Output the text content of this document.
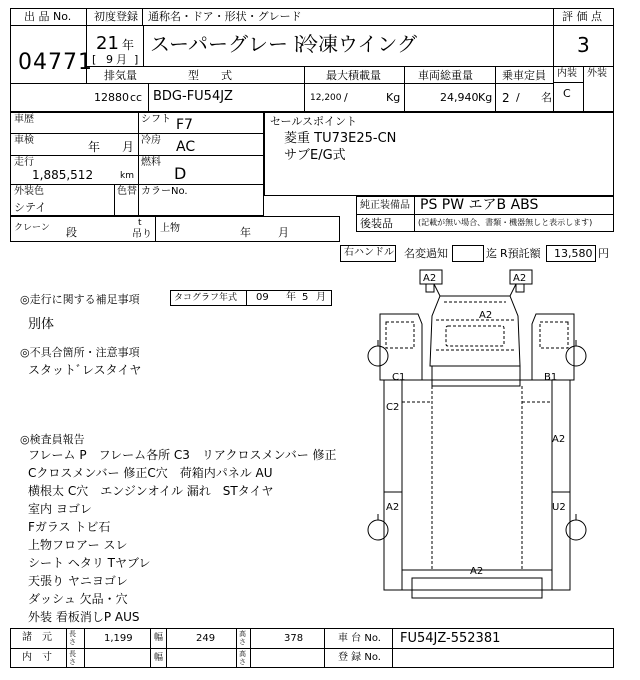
出 品 No.
04771
初度登録 通称名・ドア・形状・グレード
21 年
[ 9 月 ]
スーパーグレート
冷凍ウイング
評 価 点
3
内装 外装
C
排気量	型　　式	最大積載量	車両総重量	乗車定員
12880 cc BDG-FU54JZ	12,200 /	Kg	24,940 Kg 2 / 名
車歴	シフト F7
車検	年 月 冷房 AC
走行
1,885,512	km
燃料
D
外装色
シテイ
色替 カラーNo.
クレーン 段
t
吊り
上物	年 月
セールスポイント
菱重 TU73E25-CN
サブE/G式
純正装備品 PS PW エアB ABS
後装品	(記載が無い場合、書類・機器無しと表示します)
右ハンドル 名変過知	迄 R預託額 13,580 円
◎走行に関する補足事項	タコグラフ年式 09 年 5 月
別体
◎不具合箇所・注意事項
スタットﾞレスタイヤ
◎検査員報告
フレーム P　フレーム各所 C3　リアクロスメンバー 修正
Cクロスメンバー 修正C穴　荷箱内パネル AU
横根太 C穴　エンジンオイル 漏れ　STタイヤ
室内 ヨゴレ
Fガラス トビ石
上物フロアー スレ
シート ヘタリ Tヤブレ
天張り ヤニヨゴレ
ダッシュ 欠品・穴
外装 看板消しP AUS
A2	A2
A2
C1	B1
C2
A2
A2	U2
A2
諸　元 長さ	1,199 幅	249	高さ	378	車 台 No. FU54JZ-552381
内　寸 長さ	幅	高さ	登 録 No.
